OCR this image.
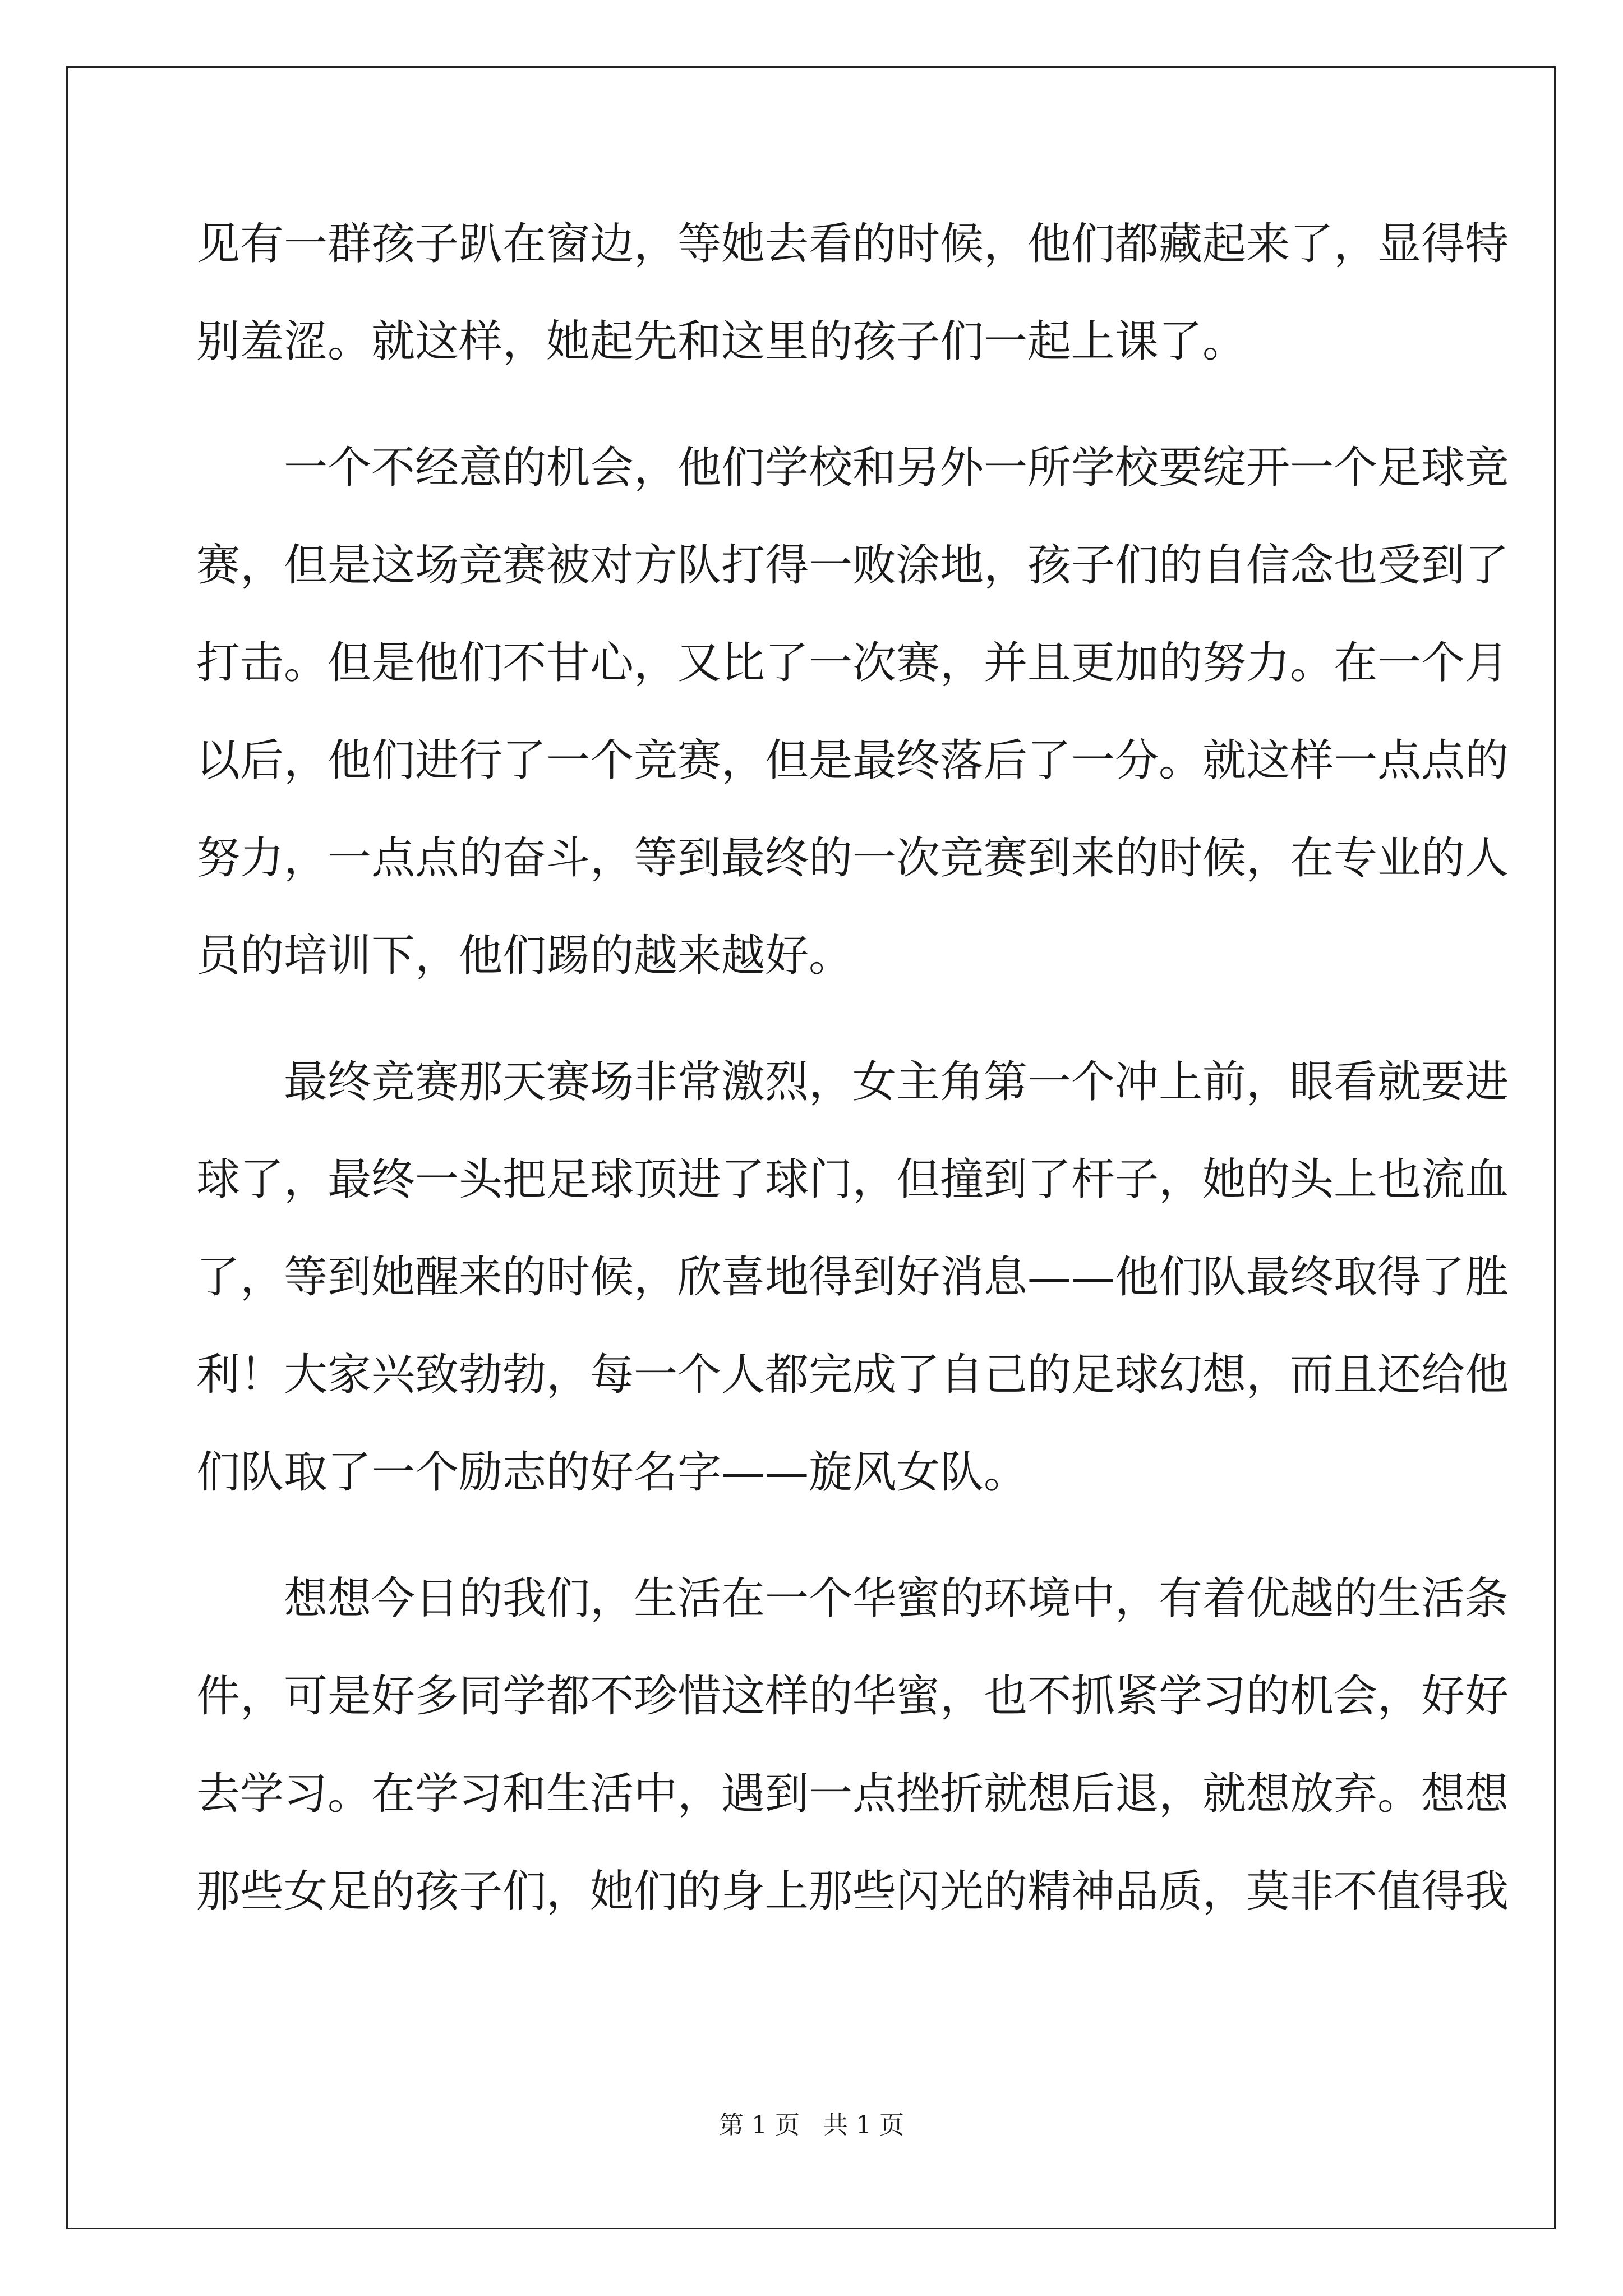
见有一群孩子趴在窗边，等她去看的时候，他们都藏起来了，显得特
别羞涩。就这样，她起先和这里的孩子们一起上课了。
一个不经意的机会，他们学校和另外一所学校要绽开一个足球竞
赛，但是这场竞赛被对方队打得一败涂地，孩子们的自信念也受到了
打击。但是他们不甘心，又比了一次赛，并且更加的努力。在一个月
以后，他们进行了一个竞赛，但是最终落后了一分。就这样一点点的
努力，一点点的奋斗，等到最终的一次竞赛到来的时候，在专业的人
员的培训下，他们踢的越来越好。
最终竞赛那天赛场非常激烈，女主角第一个冲上前，眼看就要进
球了，最终一头把足球顶进了球门，但撞到了杆子，她的头上也流血
了，等到她醒来的时候，欣喜地得到好消息——他们队最终取得了胜
利！大家兴致勃勃，每一个人都完成了自己的足球幻想，而且还给他
们队取了一个励志的好名字——旋风女队。
想想今日的我们，生活在一个华蜜的环境中，有着优越的生活条
件，可是好多同学都不珍惜这样的华蜜，也不抓紧学习的机会，好好
去学习。在学习和生活中，遇到一点挫折就想后退，就想放弃。想想
那些女足的孩子们，她们的身上那些闪光的精神品质，莫非不值得我
第 1 页   共 1 页
